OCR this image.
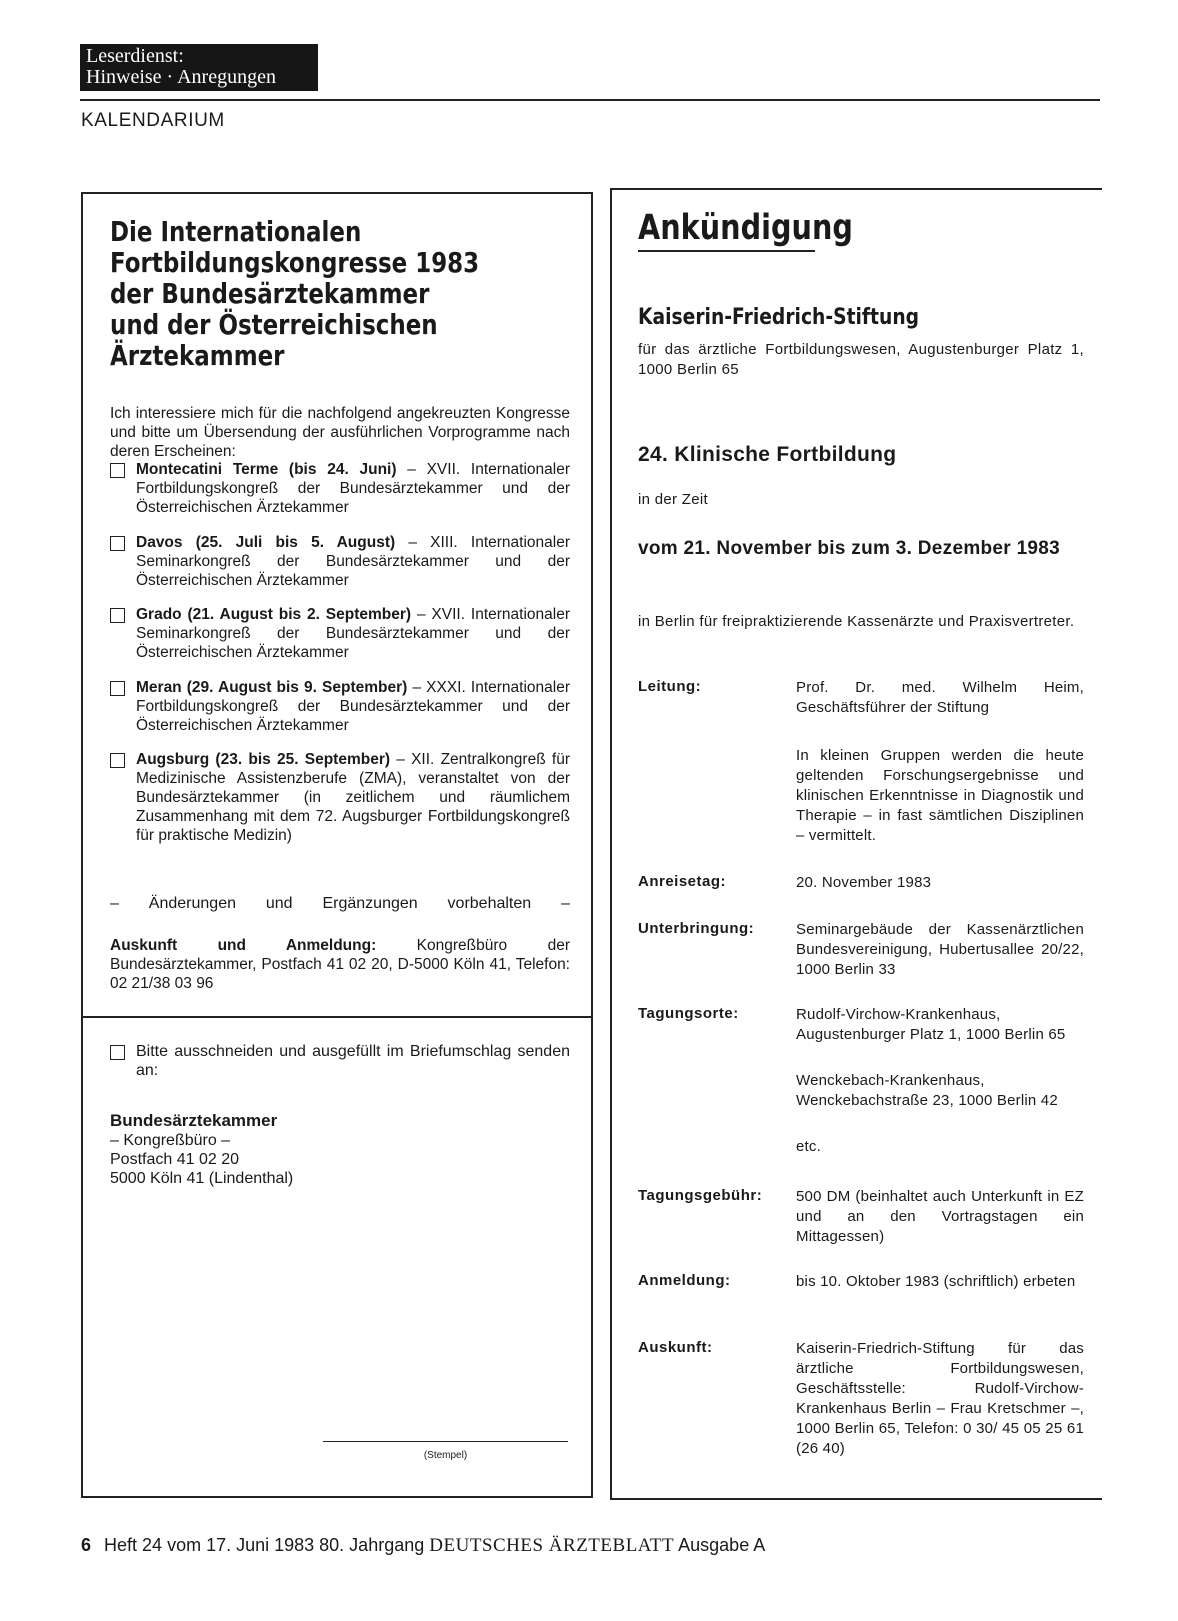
Leserdienst:
Hinweise · Anregungen
KALENDARIUM
Die Internationalen
Fortbildungskongresse 1983
der Bundesärztekammer
und der Österreichischen
Ärztekammer
Ich interessiere mich für die nachfolgend angekreuzten Kongresse und bitte um Übersendung der ausführlichen Vorprogramme nach deren Erscheinen:
Montecatini Terme (bis 24. Juni) – XVII. Internationaler Fortbildungskongreß der Bundesärztekammer und der Österreichischen Ärztekammer
Davos (25. Juli bis 5. August) – XIII. Internationaler Seminarkongreß der Bundesärztekammer und der Österreichischen Ärztekammer
Grado (21. August bis 2. September) – XVII. Internationaler Seminarkongreß der Bundesärztekammer und der Österreichischen Ärztekammer
Meran (29. August bis 9. September) – XXXI. Internationaler Fortbildungskongreß der Bundesärztekammer und der Österreichischen Ärztekammer
Augsburg (23. bis 25. September) – XII. Zentralkongreß für Medizinische Assistenzberufe (ZMA), veranstaltet von der Bundesärztekammer (in zeitlichem und räumlichem Zusammenhang mit dem 72. Augsburger Fortbildungskongreß für praktische Medizin)
– Änderungen und Ergänzungen vorbehalten –
Auskunft und Anmeldung: Kongreßbüro der Bundesärztekammer, Postfach 41 02 20, D-5000 Köln 41, Telefon: 02 21/38 03 96
Bitte ausschneiden und ausgefüllt im Briefumschlag senden an:
Bundesärztekammer
– Kongreßbüro –
Postfach 41 02 20
5000 Köln 41 (Lindenthal)
(Stempel)
Ankündigung
Kaiserin-Friedrich-Stiftung
für das ärztliche Fortbildungswesen, Augustenburger Platz 1, 1000 Berlin 65
24. Klinische Fortbildung
in der Zeit
vom 21. November bis zum 3. Dezember 1983
in Berlin für freipraktizierende Kassenärzte und Praxisvertreter.
Leitung:	Prof. Dr. med. Wilhelm Heim, Geschäftsführer der Stiftung
In kleinen Gruppen werden die heute geltenden Forschungsergebnisse und klinischen Erkenntnisse in Diagnostik und Therapie – in fast sämtlichen Disziplinen – vermittelt.
Anreisetag:	20. November 1983
Unterbringung:	Seminargebäude der Kassenärztlichen Bundesvereinigung, Hubertusallee 20/22, 1000 Berlin 33
Tagungsorte:	Rudolf-Virchow-Krankenhaus, Augustenburger Platz 1, 1000 Berlin 65
Wenckebach-Krankenhaus, Wenckebachstraße 23, 1000 Berlin 42
etc.
Tagungsgebühr: 500 DM (beinhaltet auch Unterkunft in EZ und an den Vortragstagen ein Mittagessen)
Anmeldung:	bis 10. Oktober 1983 (schriftlich) erbeten
Auskunft:	Kaiserin-Friedrich-Stiftung für das ärztliche Fortbildungswesen, Geschäftsstelle: Rudolf-Virchow-Krankenhaus Berlin – Frau Kretschmer –, 1000 Berlin 65, Telefon: 0 30/ 45 05 25 61 (26 40)
6 Heft 24 vom 17. Juni 1983 80. Jahrgang DEUTSCHES ÄRZTEBLATT Ausgabe A
